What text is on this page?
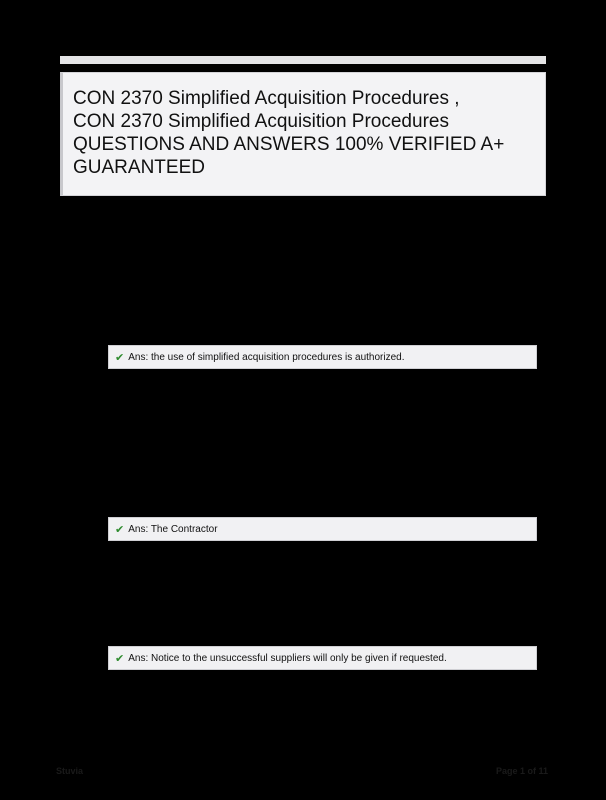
CON 2370 Simplified Acquisition Procedures ,
CON 2370 Simplified Acquisition Procedures
QUESTIONS AND ANSWERS 100% VERIFIED A+
GUARANTEED
✔ Ans: the use of simplified acquisition procedures is authorized.
✔ Ans: The Contractor
✔ Ans: Notice to the unsuccessful suppliers will only be given if requested.
Stuvia	Page 1 of 11
